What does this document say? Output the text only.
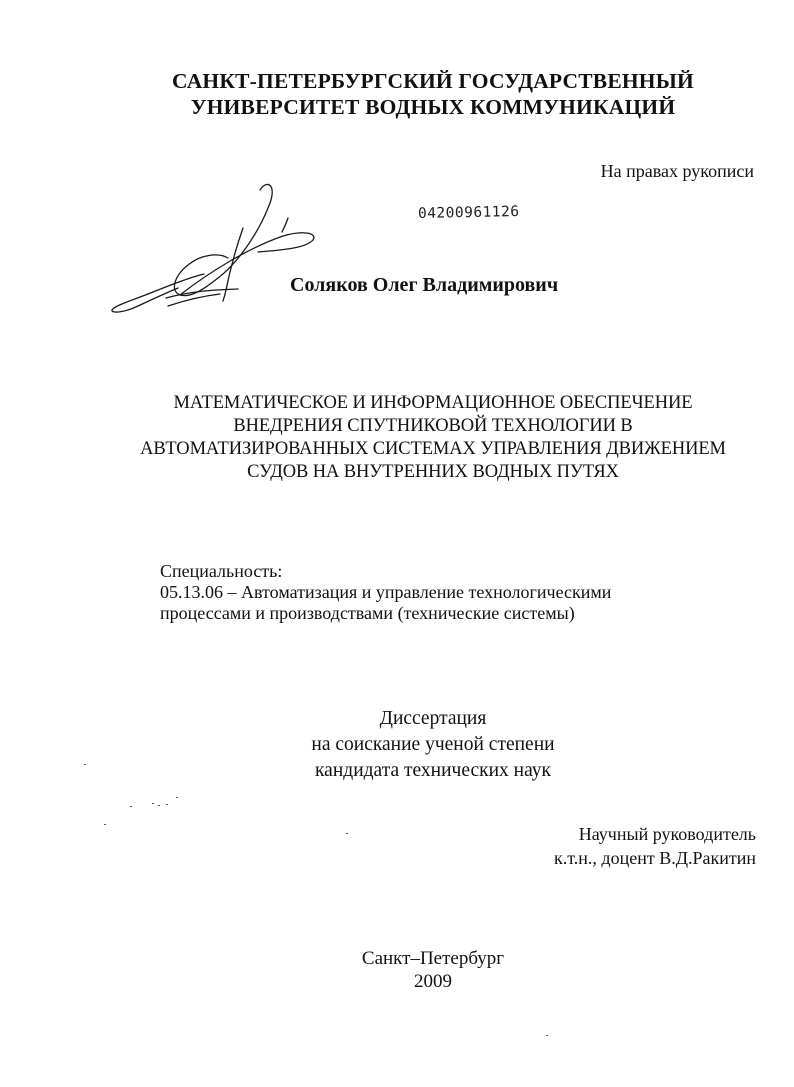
САНКТ-ПЕТЕРБУРГСКИЙ ГОСУДАРСТВЕННЫЙ
УНИВЕРСИТЕТ ВОДНЫХ КОММУНИКАЦИЙ
На правах рукописи
04200961126
Соляков Олег Владимирович
МАТЕМАТИЧЕСКОЕ И ИНФОРМАЦИОННОЕ ОБЕСПЕЧЕНИЕ
ВНЕДРЕНИЯ СПУТНИКОВОЙ ТЕХНОЛОГИИ В
АВТОМАТИЗИРОВАННЫХ СИСТЕМАХ УПРАВЛЕНИЯ ДВИЖЕНИЕМ
СУДОВ НА ВНУТРЕННИХ ВОДНЫХ ПУТЯХ
Специальность:
05.13.06 – Автоматизация и управление технологическими
процессами и производствами (технические системы)
Диссертация
на соискание ученой степени
кандидата технических наук
Научный руководитель
к.т.н., доцент В.Д.Ракитин
Санкт–Петербург
2009
